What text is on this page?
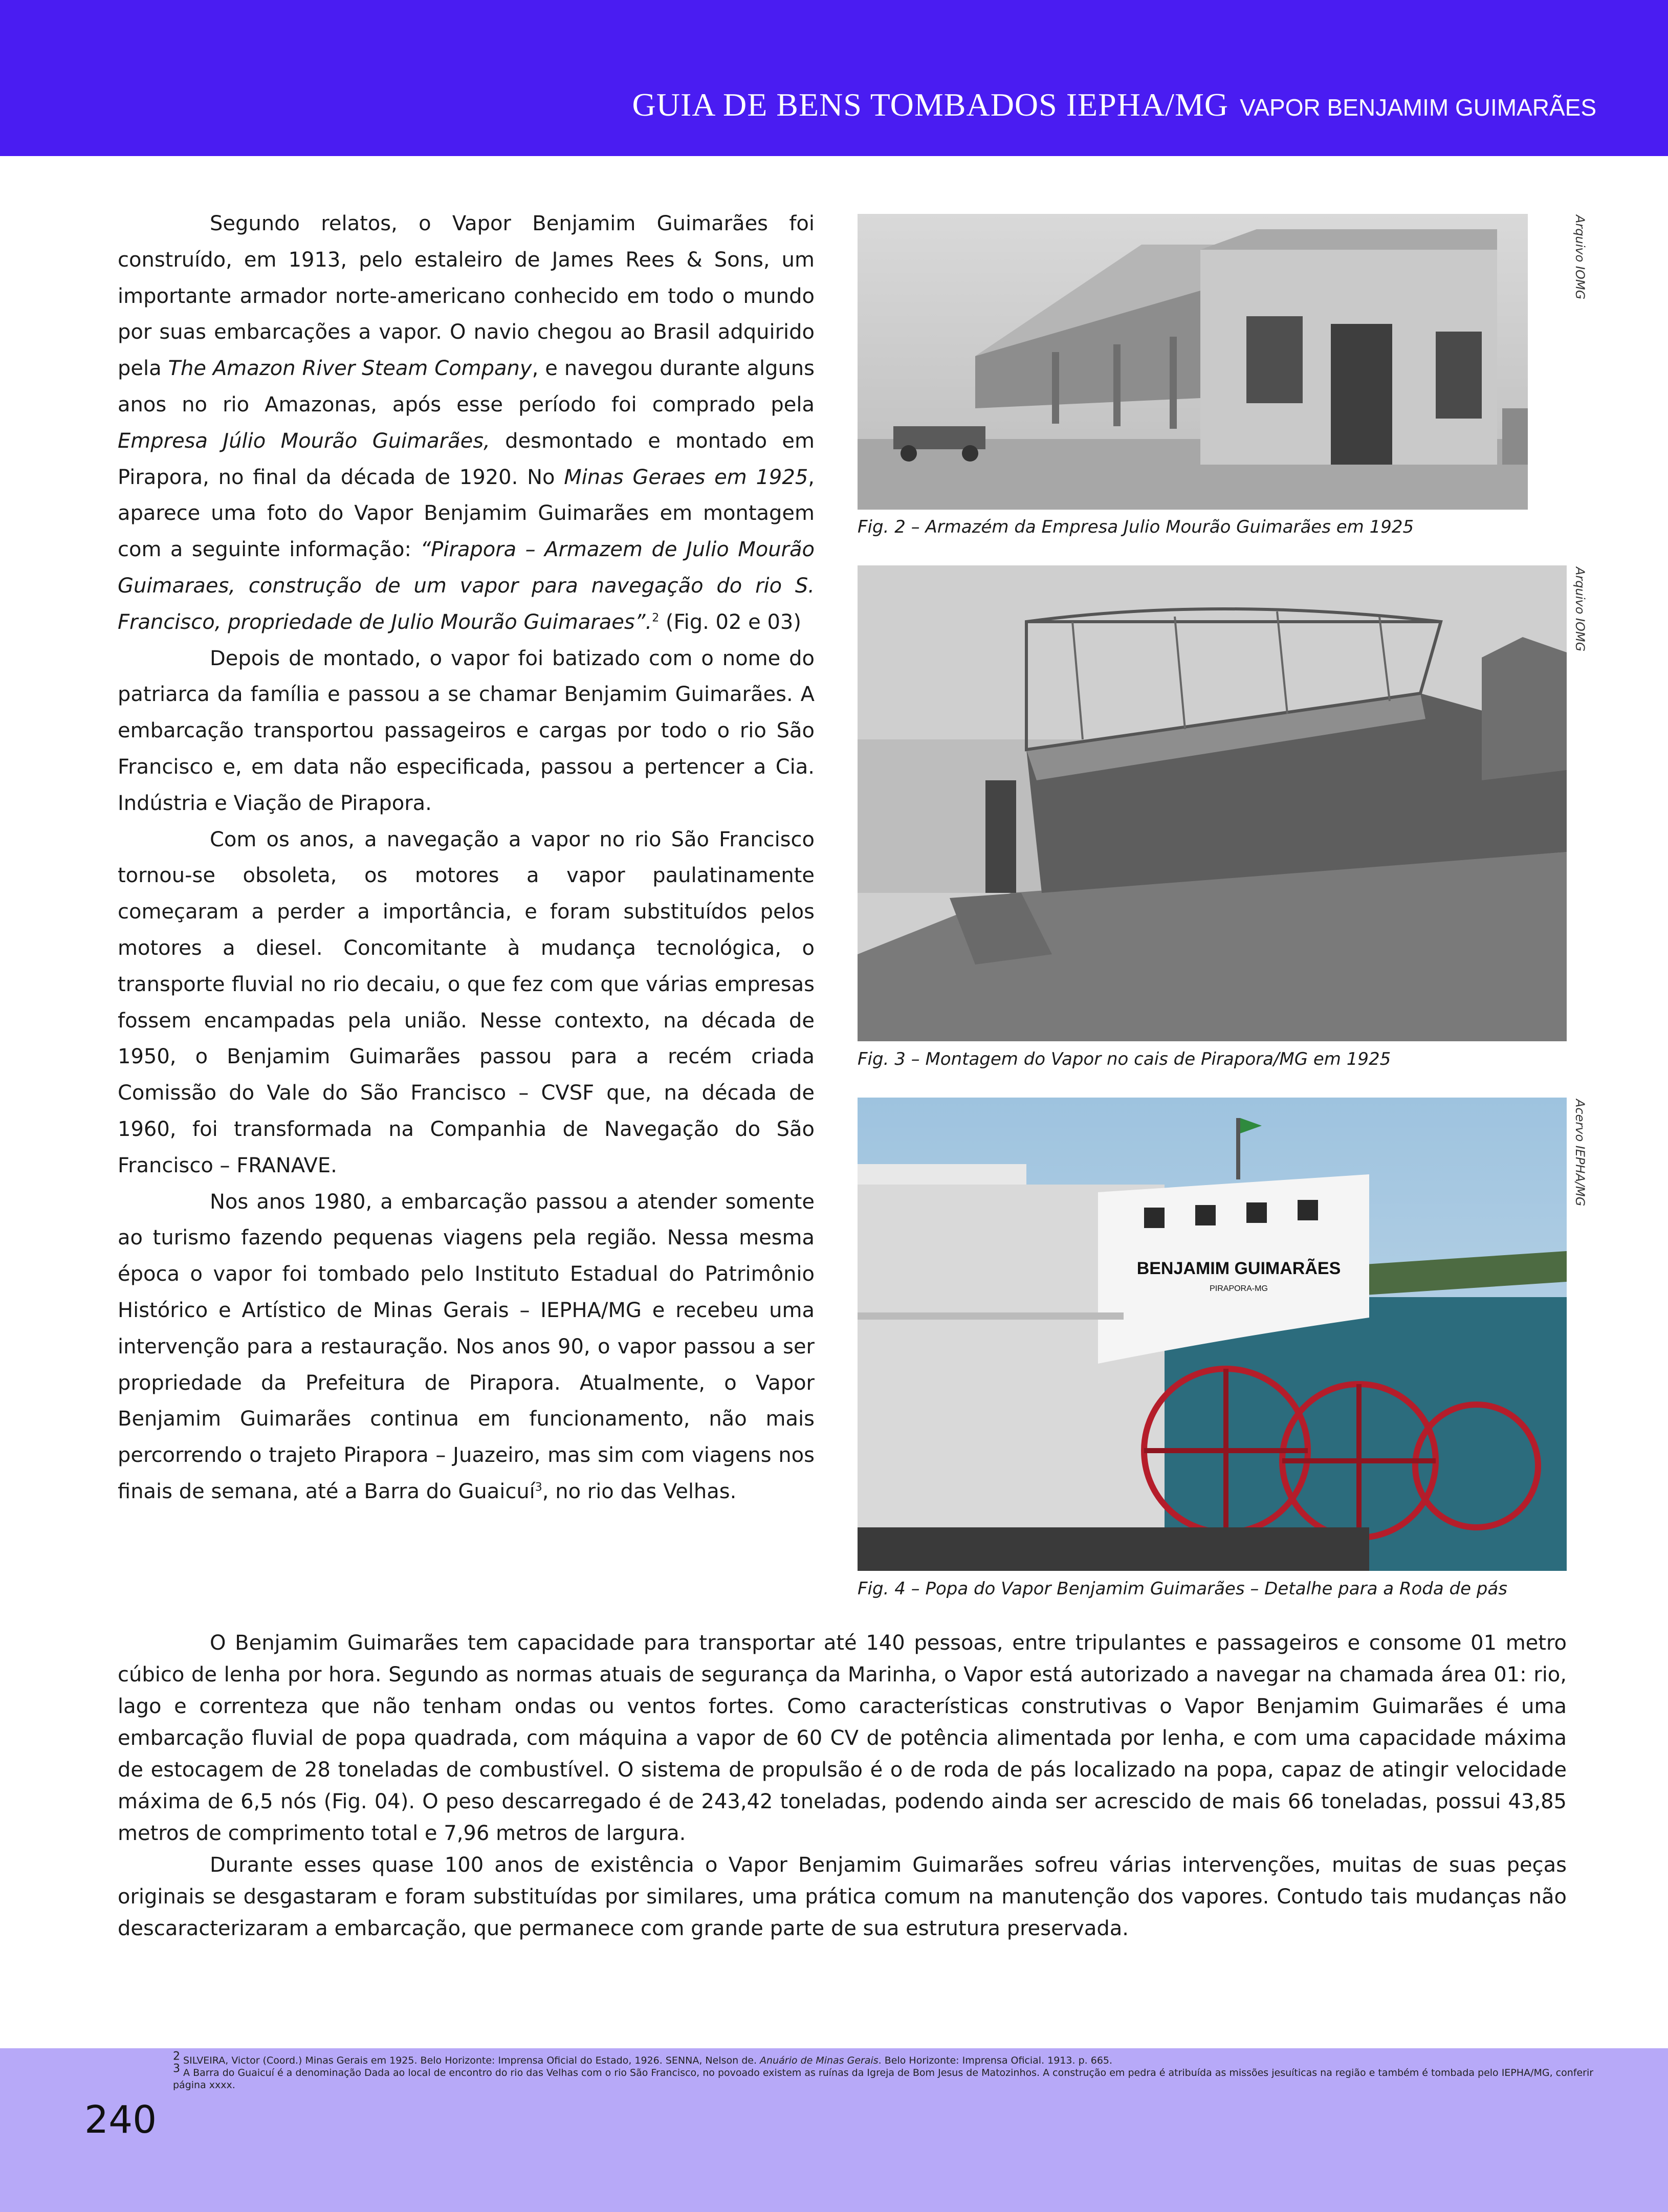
GUIA DE BENS TOMBADOS IEPHA/MG VAPOR BENJAMIM GUIMARÃES

Segundo relatos, o Vapor Benjamim Guimarães foi construído, em 1913, pelo estaleiro de James Rees & Sons, um importante armador norte-americano conhecido em todo o mundo por suas embarcações a vapor. O navio chegou ao Brasil adquirido pela The Amazon River Steam Company, e navegou durante alguns anos no rio Amazonas, após esse período foi comprado pela Empresa Júlio Mourão Guimarães, desmontado e montado em Pirapora, no final da década de 1920. No Minas Geraes em 1925, aparece uma foto do Vapor Benjamim Guimarães em montagem com a seguinte informação: “Pirapora – Armazem de Julio Mourão Guimaraes, construção de um vapor para navegação do rio S. Francisco, propriedade de Julio Mourão Guimaraes”.$^2$ (Fig. 02 e 03)

Depois de montado, o vapor foi batizado com o nome do patriarca da família e passou a se chamar Benjamim Guimarães. A embarcação transportou passageiros e cargas por todo o rio São Francisco e, em data não especificada, passou a pertencer a Cia. Indústria e Viação de Pirapora.

Com os anos, a navegação a vapor no rio São Francisco tornou-se obsoleta, os motores a vapor paulatinamente começaram a perder a importância, e foram substituídos pelos motores a diesel. Concomitante à mudança tecnológica, o transporte fluvial no rio decaiu, o que fez com que várias empresas fossem encampadas pela união. Nesse contexto, na década de 1950, o Benjamim Guimarães passou para a recém criada Comissão do Vale do São Francisco – CVSF que, na década de 1960, foi transformada na Companhia de Navegação do São Francisco – FRANAVE.

Nos anos 1980, a embarcação passou a atender somente ao turismo fazendo pequenas viagens pela região. Nessa mesma época o vapor foi tombado pelo Instituto Estadual do Patrimônio Histórico e Artístico de Minas Gerais – IEPHA/MG e recebeu uma intervenção para a restauração. Nos anos 90, o vapor passou a ser propriedade da Prefeitura de Pirapora. Atualmente, o Vapor Benjamim Guimarães continua em funcionamento, não mais percorrendo o trajeto Pirapora – Juazeiro, mas sim com viagens nos finais de semana, até a Barra do Guaicuí$^3$, no rio das Velhas.

Arquivo IOMG
Fig. 2 – Armazém da Empresa Julio Mourão Guimarães em 1925
Arquivo IOMG
Fig. 3 – Montagem do Vapor no cais de Pirapora/MG em 1925
BENJAMIM GUIMARÃES
PIRAPORA-MG
Acervo IEPHA/MG
Fig. 4 – Popa do Vapor Benjamim Guimarães – Detalhe para a Roda de pás

O Benjamim Guimarães tem capacidade para transportar até 140 pessoas, entre tripulantes e passageiros e consome 01 metro cúbico de lenha por hora. Segundo as normas atuais de segurança da Marinha, o Vapor está autorizado a navegar na chamada área 01: rio, lago e correnteza que não tenham ondas ou ventos fortes. Como características construtivas o Vapor Benjamim Guimarães é uma embarcação fluvial de popa quadrada, com máquina a vapor de 60 CV de potência alimentada por lenha, e com uma capacidade máxima de estocagem de 28 toneladas de combustível. O sistema de propulsão é o de roda de pás localizado na popa, capaz de atingir velocidade máxima de 6,5 nós (Fig. 04). O peso descarregado é de 243,42 toneladas, podendo ainda ser acrescido de mais 66 toneladas, possui 43,85 metros de comprimento total e 7,96 metros de largura.

Durante esses quase 100 anos de existência o Vapor Benjamim Guimarães sofreu várias intervenções, muitas de suas peças originais se desgastaram e foram substituídas por similares, uma prática comum na manutenção dos vapores. Contudo tais mudanças não descaracterizaram a embarcação, que permanece com grande parte de sua estrutura preservada.

$^2$ SILVEIRA, Victor (Coord.) Minas Gerais em 1925. Belo Horizonte: Imprensa Oficial do Estado, 1926. SENNA, Nelson de. Anuário de Minas Gerais. Belo Horizonte: Imprensa Oficial. 1913. p. 665.

$^3$ A Barra do Guaicuí é a denominação Dada ao local de encontro do rio das Velhas com o rio São Francisco, no povoado existem as ruínas da Igreja de Bom Jesus de Matozinhos. A construção em pedra é atribuída as missões jesuíticas na região e também é tombada pelo IEPHA/MG, conferir página xxxx.

240
